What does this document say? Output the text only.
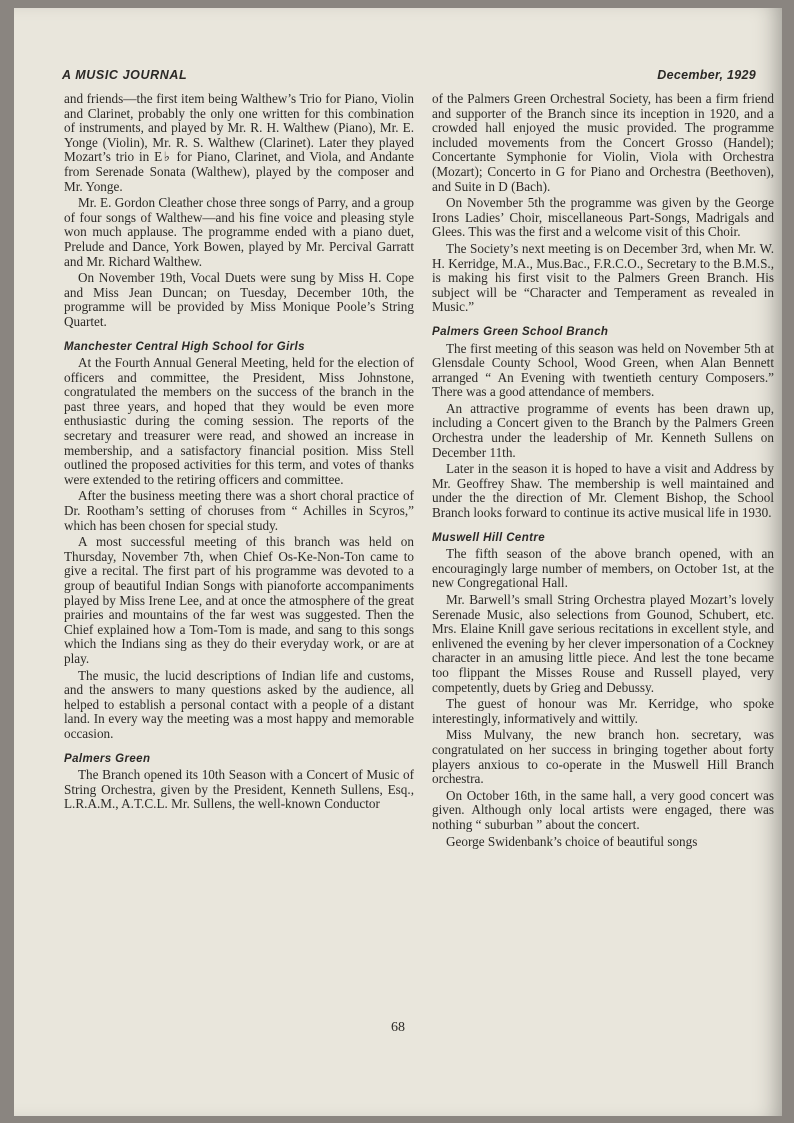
A MUSIC JOURNAL	December, 1929

and friends—the first item being Walthew’s Trio for Piano, Violin and Clarinet, probably the only one written for this combination of instruments, and played by Mr. R. H. Walthew (Piano), Mr. E. Yonge (Violin), Mr. R. S. Walthew (Clarinet). Later they played Mozart’s trio in E♭ for Piano, Clarinet, and Viola, and Andante from Serenade Sonata (Walthew), played by the composer and Mr. Yonge.

Mr. E. Gordon Cleather chose three songs of Parry, and a group of four songs of Walthew—and his fine voice and pleasing style won much applause. The programme ended with a piano duet, Prelude and Dance, York Bowen, played by Mr. Percival Garratt and Mr. Richard Walthew.

On November 19th, Vocal Duets were sung by Miss H. Cope and Miss Jean Duncan; on Tuesday, December 10th, the programme will be provided by Miss Monique Poole’s String Quartet.

Manchester Central High School for Girls

At the Fourth Annual General Meeting, held for the election of officers and committee, the President, Miss Johnstone, congratulated the members on the success of the branch in the past three years, and hoped that they would be even more enthusiastic during the coming session. The reports of the secretary and treasurer were read, and showed an increase in membership, and a satisfactory financial position. Miss Stell outlined the proposed activities for this term, and votes of thanks were extended to the retiring officers and committee.

After the business meeting there was a short choral practice of Dr. Rootham’s setting of choruses from “ Achilles in Scyros,” which has been chosen for special study.

A most successful meeting of this branch was held on Thursday, November 7th, when Chief Os-Ke-Non-Ton came to give a recital. The first part of his programme was devoted to a group of beautiful Indian Songs with pianoforte accompaniments played by Miss Irene Lee, and at once the atmosphere of the great prairies and mountains of the far west was suggested. Then the Chief explained how a Tom-Tom is made, and sang to this songs which the Indians sing as they do their everyday work, or are at play.

The music, the lucid descriptions of Indian life and customs, and the answers to many questions asked by the audience, all helped to establish a personal contact with a people of a distant land. In every way the meeting was a most happy and memorable occasion.

Palmers Green

The Branch opened its 10th Season with a Concert of Music of String Orchestra, given by the President, Kenneth Sullens, Esq., L.R.A.M., A.T.C.L. Mr. Sullens, the well-known Conductor

of the Palmers Green Orchestral Society, has been a firm friend and supporter of the Branch since its inception in 1920, and a crowded hall enjoyed the music provided. The programme included movements from the Concert Grosso (Handel); Concertante Symphonie for Violin, Viola with Orchestra (Mozart); Concerto in G for Piano and Orchestra (Beethoven), and Suite in D (Bach).

On November 5th the programme was given by the George Irons Ladies’ Choir, miscellaneous Part-Songs, Madrigals and Glees. This was the first and a welcome visit of this Choir.

The Society’s next meeting is on December 3rd, when Mr. W. H. Kerridge, M.A., Mus.Bac., F.R.C.O., Secretary to the B.M.S., is making his first visit to the Palmers Green Branch. His subject will be “Character and Temperament as revealed in Music.”

Palmers Green School Branch

The first meeting of this season was held on November 5th at Glensdale County School, Wood Green, when Alan Bennett arranged “ An Evening with twentieth century Composers.” There was a good attendance of members.

An attractive programme of events has been drawn up, including a Concert given to the Branch by the Palmers Green Orchestra under the leadership of Mr. Kenneth Sullens on December 11th.

Later in the season it is hoped to have a visit and Address by Mr. Geoffrey Shaw. The membership is well maintained and under the the direction of Mr. Clement Bishop, the School Branch looks forward to continue its active musical life in 1930.

Muswell Hill Centre

The fifth season of the above branch opened, with an encouragingly large number of members, on October 1st, at the new Congregational Hall.

Mr. Barwell’s small String Orchestra played Mozart’s lovely Serenade Music, also selections from Gounod, Schubert, etc. Mrs. Elaine Knill gave serious recitations in excellent style, and enlivened the evening by her clever impersonation of a Cockney character in an amusing little piece. And lest the tone became too flippant the Misses Rouse and Russell played, very competently, duets by Grieg and Debussy.

The guest of honour was Mr. Kerridge, who spoke interestingly, informatively and wittily.

Miss Mulvany, the new branch hon. secretary, was congratulated on her success in bringing together about forty players anxious to co-operate in the Muswell Hill Branch orchestra.

On October 16th, in the same hall, a very good concert was given. Although only local artists were engaged, there was nothing “ suburban ” about the concert.

George Swidenbank’s choice of beautiful songs

68
